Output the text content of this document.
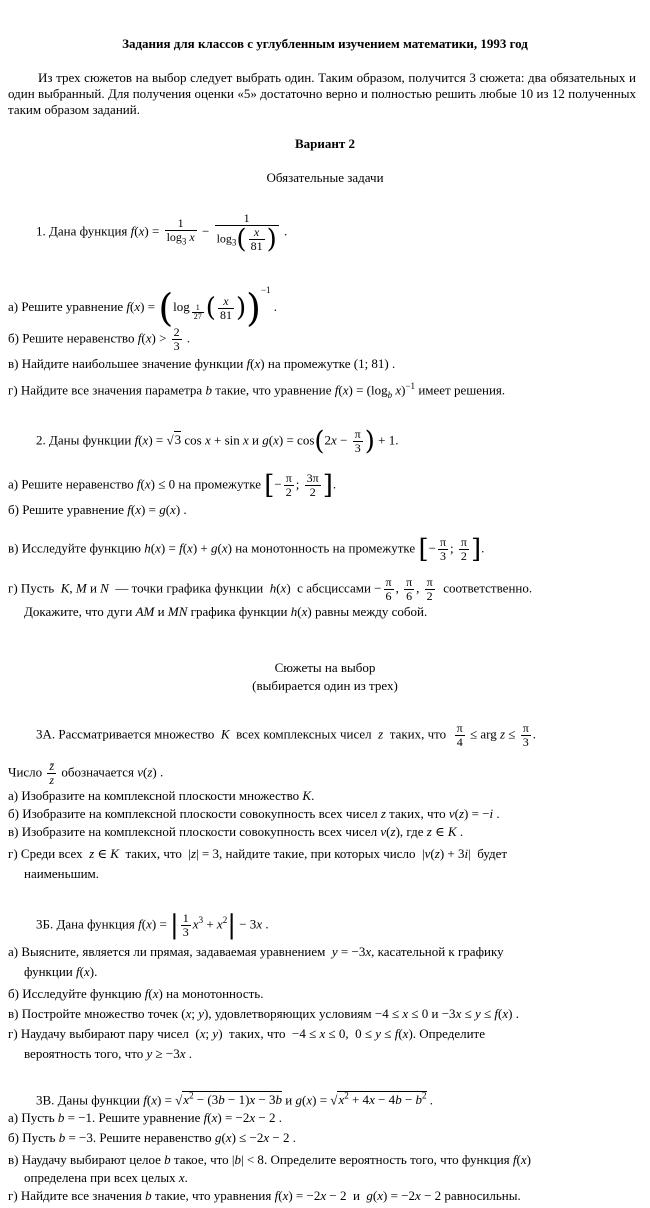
Задания для классов с углубленным изучением математики, 1993 год
Из трех сюжетов на выбор следует выбрать один. Таким образом, получится 3 сюжета: два обязательных и один выбранный. Для получения оценки «5» достаточно верно и полностью решить любые 10 из 12 полученных таким образом заданий.
Вариант 2
Обязательные задачи
1. Дана функция $f(x) = \frac{1}{\log_3 x} - \frac{1}{\log_3( \frac{x}{81} )}$ .
а) Решите уравнение f(x) = (log $_{\frac{1}{27}}$ ( $\frac{x}{81} ))^{-1}$ .
б) Решите неравенство $f(x) > \frac{2}{3}$ .
в) Найдите наибольшее значение функции f(x) на промежутке (1; 81) .
г) Найдите все значения параметра b такие, что уравнение $f(x) = (\log_b$ x)$^{-1}$ имеет решения.
2. Даны функции f(x) = √3 cos x + sin x и $g(x) = \cos(2x - \frac{\pi}{3}$ ) + 1.
а) Решите неравенство f(x) ≤ 0 на промежутке [− $\frac{\pi}{2}$ ; $\frac{3\pi}{2}$ ].
б) Решите уравнение f(x) = g(x) .
в) Исследуйте функцию h(x) = f(x) + g(x) на монотонность на промежутке [− $\frac{\pi}{3}$ ; $\frac{\pi}{2}$ ].
г) Пусть K, M и N — точки графика функции h(x)  с абсциссами − $\frac{\pi}{6}$ , $\frac{\pi}{6}$ , $\frac{\pi}{2}$ соответственно.
Докажите, что дуги AM и MN графика функции h(x) равны между собой.
Сюжеты на выбор
(выбирается один из трех)
3А. Рассматривается множество K всех комплексных чисел z таких, что $\frac{\pi}{4}$ ≤ arg $z \le \frac{\pi}{3}$ .
Число $\frac{z̄}{z}$ обозначается ν(z) .
а) Изобразите на комплексной плоскости множество K.
б) Изобразите на комплексной плоскости совокупность всех чисел z таких, что ν(z) = −i .
в) Изобразите на комплексной плоскости совокупность всех чисел ν(z), где z ∈ K .
г) Среди всех z ∈ K таких, что  |z| = 3, найдите такие, при которых число  |ν(z) + 3i|  будет
наименьшим.
3Б. Дана функция f(x) = | $\frac{1}{3} x^3 + x^2| - 3x$ .
а) Выясните, является ли прямая, задаваемая уравнением y = −3x, касательной к графику
функции f(x).
б) Исследуйте функцию f(x) на монотонность.
в) Постройте множество точек (x; y), удовлетворяющих условиям −4 ≤ x ≤ 0 и −3x ≤ y ≤ f(x) .
г) Наудачу выбирают пару чисел  (x; y)  таких, что  −4 ≤ x ≤ 0,  0 ≤ y ≤ f(x). Определите
вероятность того, что y ≥ −3x .
3В. Даны функции $f(x) = √x^2 - (3b - 1)x - 3b$ и $g(x) = √x^2 + 4x - 4b - b^2$ .
а) Пусть b = −1. Решите уравнение f(x) = −2x − 2 .
б) Пусть b = −3. Решите неравенство g(x) ≤ −2x − 2 .
в) Наудачу выбирают целое b такое, что |b| < 8. Определите вероятность того, что функция f(x)
определена при всех целых x.
г) Найдите все значения b такие, что уравнения f(x) = −2x − 2  и  g(x) = −2x − 2 равносильны.
